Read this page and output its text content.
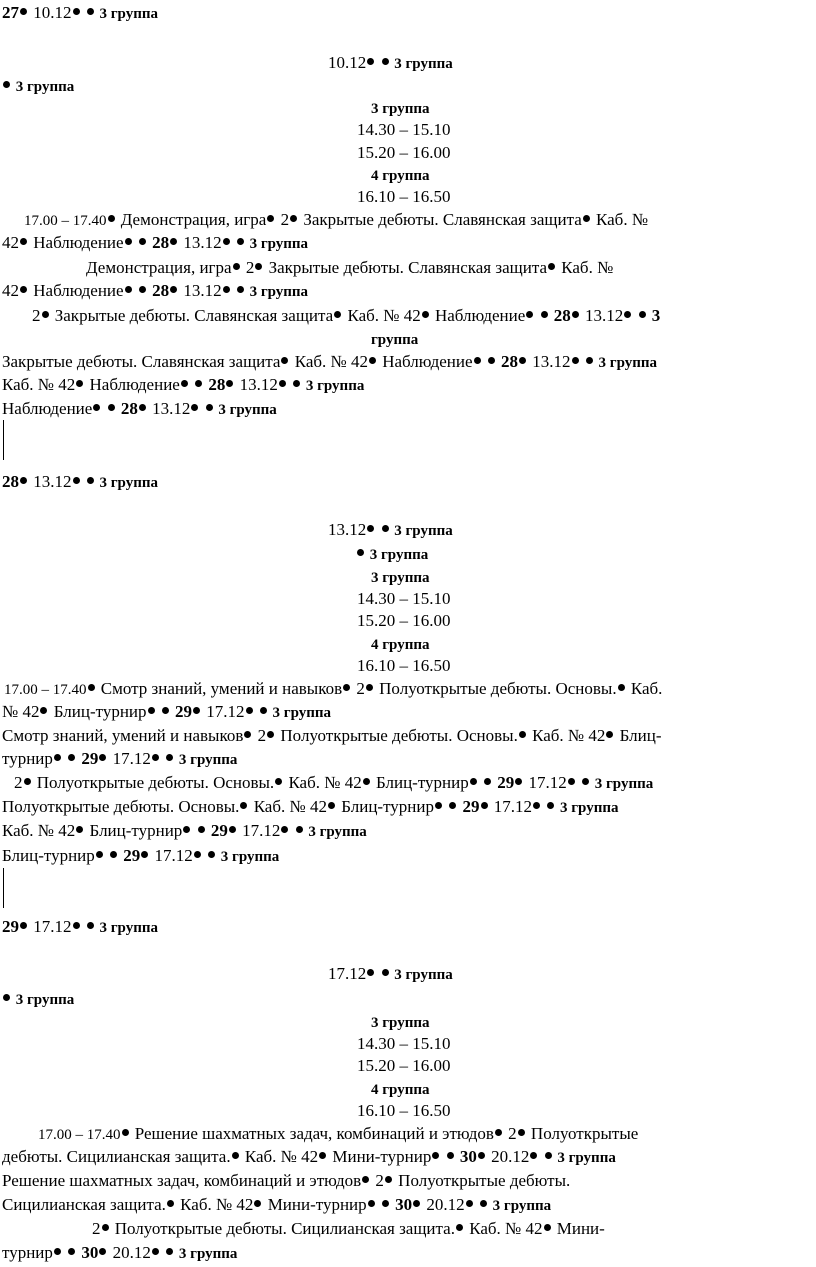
27 10.12  3 группа
10.12  3 группа
3 группа
3 группа
14.30 – 15.10
15.20 – 16.00
4 группа
16.10 – 16.50
17.00 – 17.40 Демонстрация, игра 2 Закрытые дебюты. Славянская защита Каб. №
42 Наблюдение  28 13.12  3 группа
Демонстрация, игра 2 Закрытые дебюты. Славянская защита Каб. №
42 Наблюдение  28 13.12  3 группа
2 Закрытые дебюты. Славянская защита Каб. № 42 Наблюдение  28 13.12  3
группа
Закрытые дебюты. Славянская защита Каб. № 42 Наблюдение  28 13.12  3 группа
Каб. № 42 Наблюдение  28 13.12  3 группа
Наблюдение  28 13.12  3 группа
28 13.12  3 группа
13.12  3 группа
3 группа
3 группа
14.30 – 15.10
15.20 – 16.00
4 группа
16.10 – 16.50
17.00 – 17.40 Смотр знаний, умений и навыков 2 Полуоткрытые дебюты. Основы. Каб.
№ 42 Блиц-турнир  29 17.12  3 группа
Смотр знаний, умений и навыков 2 Полуоткрытые дебюты. Основы. Каб. № 42 Блиц-
турнир  29 17.12  3 группа
2 Полуоткрытые дебюты. Основы. Каб. № 42 Блиц-турнир  29 17.12  3 группа
Полуоткрытые дебюты. Основы. Каб. № 42 Блиц-турнир  29 17.12  3 группа
Каб. № 42 Блиц-турнир  29 17.12  3 группа
Блиц-турнир  29 17.12  3 группа
29 17.12  3 группа
17.12  3 группа
3 группа
3 группа
14.30 – 15.10
15.20 – 16.00
4 группа
16.10 – 16.50
17.00 – 17.40 Решение шахматных задач, комбинаций и этюдов 2 Полуоткрытые
дебюты. Сицилианская защита. Каб. № 42 Мини-турнир  30 20.12  3 группа
Решение шахматных задач, комбинаций и этюдов 2 Полуоткрытые дебюты.
Сицилианская защита. Каб. № 42 Мини-турнир  30 20.12  3 группа
2 Полуоткрытые дебюты. Сицилианская защита. Каб. № 42 Мини-
турнир  30 20.12  3 группа
